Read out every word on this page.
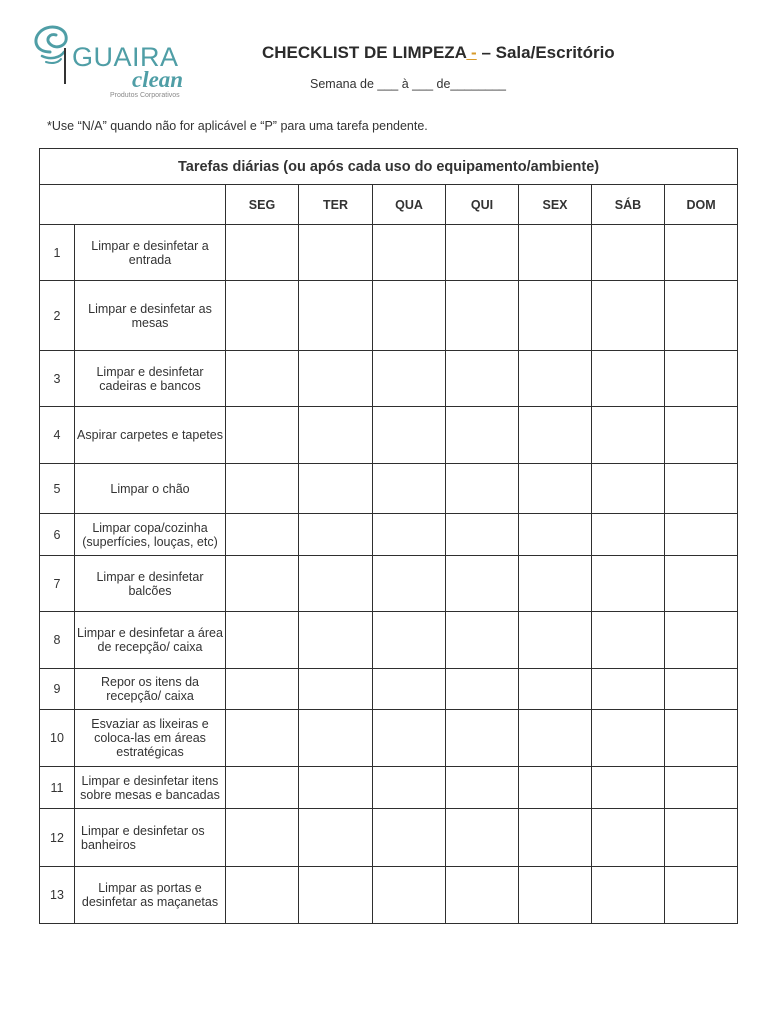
GUAIRA
clean
Produtos Corporativos
CHECKLIST DE LIMPEZA - – Sala/Escritório
Semana de ___ à ___ de________
*Use “N/A” quando não for aplicável e “P” para uma tarefa pendente.
Tarefas diárias (ou após cada uso do equipamento/ambiente)								
		SEG	TER	QUA	QUI	SEX	SÁB	DOM
1	Limpar e desinfetar a entrada							
2	Limpar e desinfetar as mesas							
3	Limpar e desinfetar cadeiras e bancos							
4	Aspirar carpetes e tapetes							
5	Limpar o chão							
6	Limpar copa/cozinha (superfícies, louças, etc)							
7	Limpar e desinfetar balcões							
8	Limpar e desinfetar a área de recepção/ caixa							
9	Repor os itens da recepção/ caixa							
10	Esvaziar as lixeiras e coloca-las em áreas estratégicas							
11	Limpar e desinfetar itens sobre mesas e bancadas							
12	Limpar e desinfetar os banheiros							
13	Limpar as portas e desinfetar as maçanetas							
